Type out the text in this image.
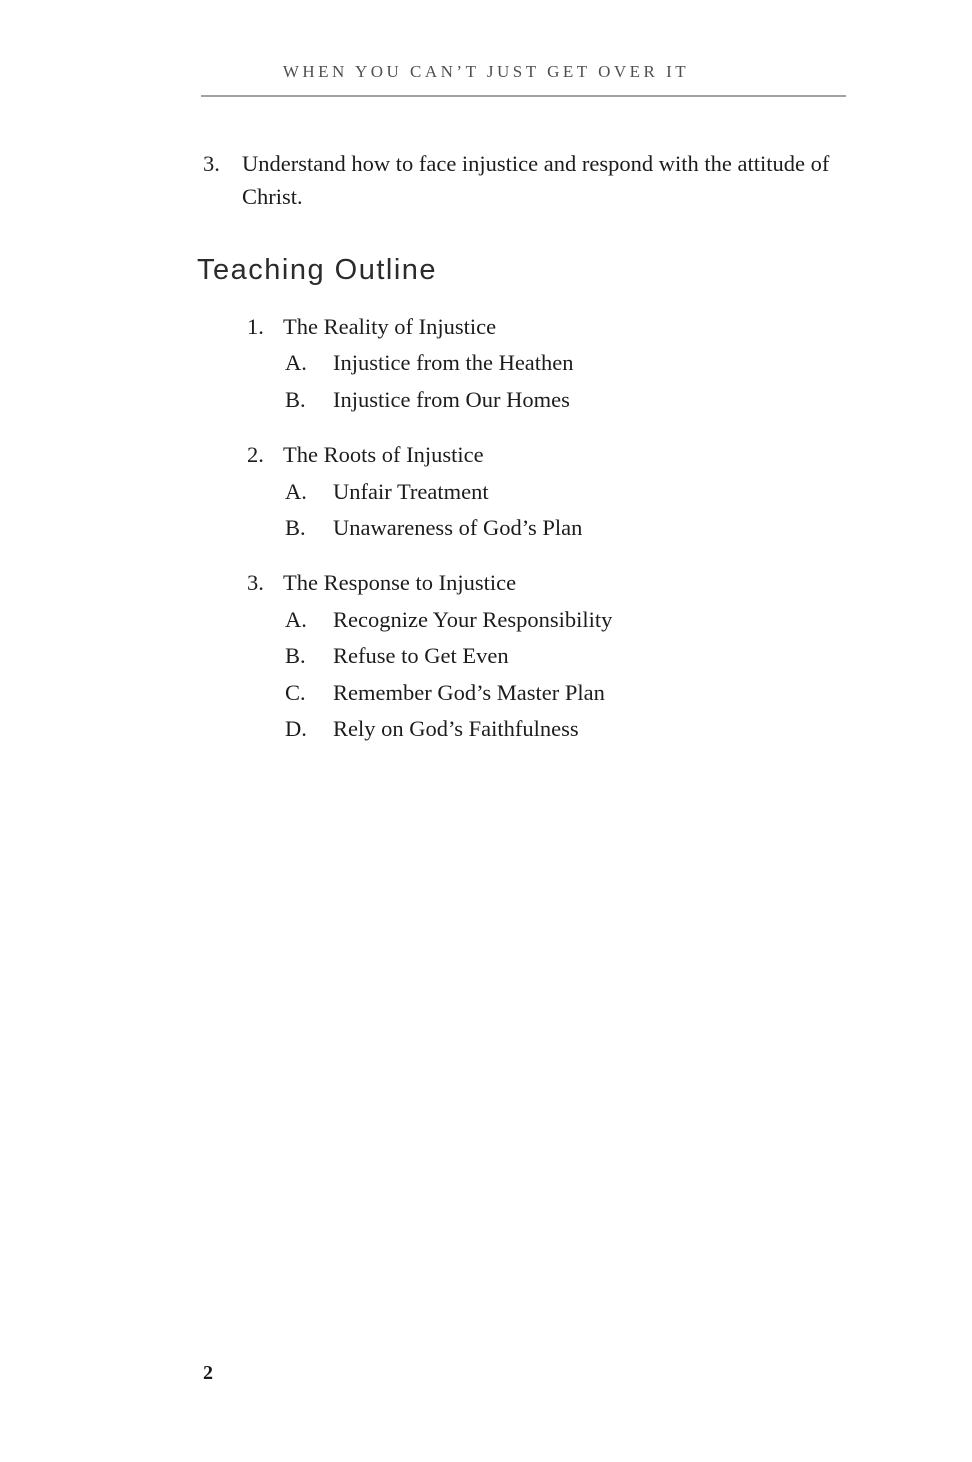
WHEN YOU CAN’T JUST GET OVER IT
3. Understand how to face injustice and respond with the attitude of Christ.
Teaching Outline
1. The Reality of Injustice
A.	Injustice from the Heathen
B.	Injustice from Our Homes
2. The Roots of Injustice
A.	Unfair Treatment
B.	Unawareness of God’s Plan
3. The Response to Injustice
A.	Recognize Your Responsibility
B.	Refuse to Get Even
C.	Remember God’s Master Plan
D.	Rely on God’s Faithfulness
2
